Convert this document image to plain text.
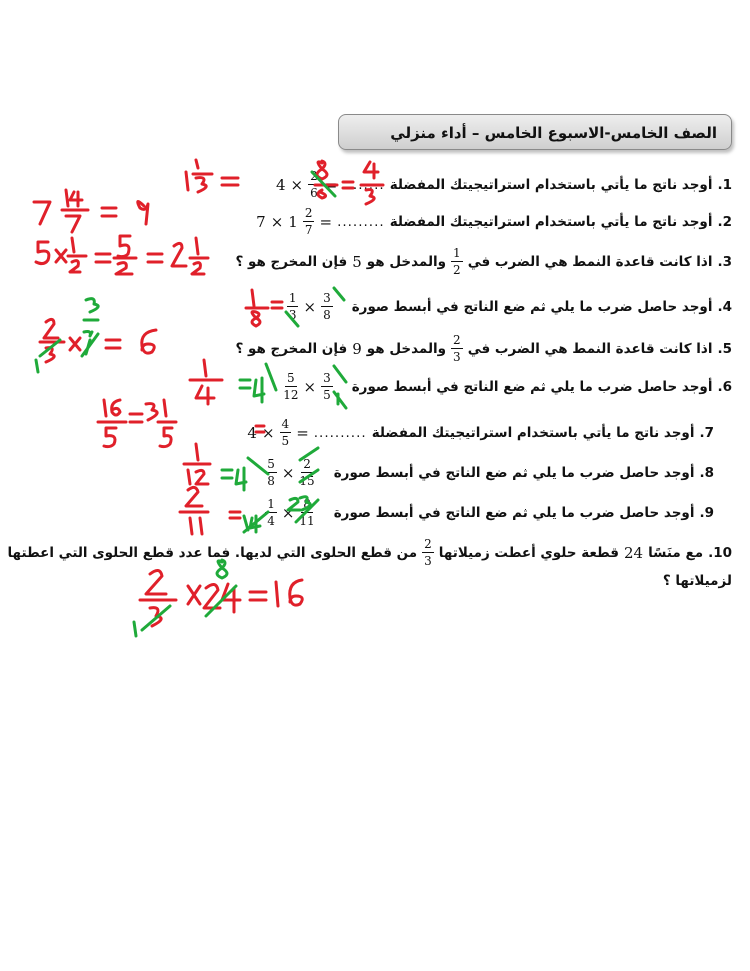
الصف الخامس-الاسبوع الخامس – أداء منزلي
1.
أوجد ناتج ما يأتي باستخدام استراتيجيتك المفضلة
........
$4 \times \frac{2}{6}$ =
2.
أوجد ناتج ما يأتي باستخدام استراتيجيتك المفضلة
.........
$7 \times 1 \frac{2}{7}$ =
3.
اذا كانت قاعدة النمط هي الضرب في
$\frac{1}{2}$
والمدخل هو
5
فإن المخرج هو ؟
4.
أوجد حاصل ضرب ما يلي ثم ضع الناتج في أبسط صورة
$\frac{1}{3} \times \frac{3}{8}$
5.
اذا كانت قاعدة النمط هي الضرب في
$\frac{2}{3}$
والمدخل هو
9
فإن المخرج هو ؟
6.
أوجد حاصل ضرب ما يلي ثم ضع الناتج في أبسط صورة
$\frac{5}{12} \times \frac{3}{5}$
7.
أوجد ناتج ما يأتي باستخدام استراتيجيتك المفضلة
..........
$4 \times \frac{4}{5}$ =
8.
أوجد حاصل ضرب ما يلي ثم ضع الناتج في أبسط صورة
$\frac{5}{8} \times \frac{2}{15}$
9.
أوجد حاصل ضرب ما يلي ثم ضع الناتج في أبسط صورة
$\frac{1}{4} \times \frac{8}{11}$
10.
مع منَسًا
24
قطعة حلوي أعطت زميلاتها
$\frac{2}{3}$
من قطع الحلوى التي لديها. فما عدد قطع الحلوى التي اعطتها
لزميلاتها ؟
